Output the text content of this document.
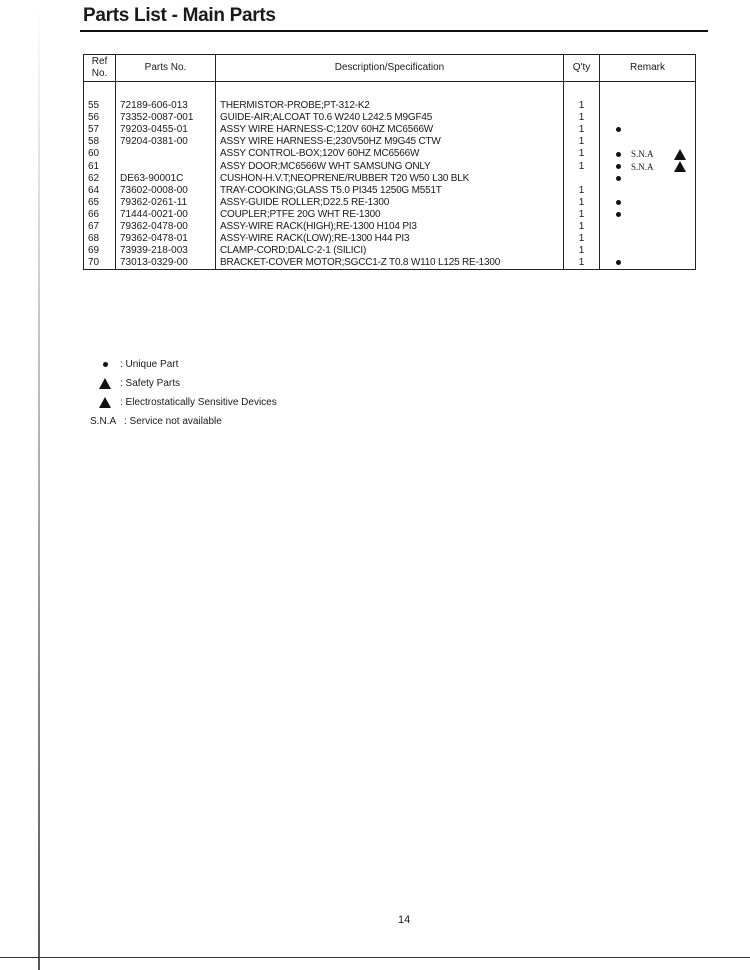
Parts List - Main Parts
Ref No.	Parts No.	Description/Specification	Q'ty	Remark

55	72189-606-013	THERMISTOR-PROBE;PT-312-K2	1	
56	73352-0087-001	GUIDE-AIR;ALCOAT T0.6 W240 L242.5 M9GF45	1	
57	79203-0455-01	ASSY WIRE HARNESS-C;120V 60HZ MC6566W	1	
58	79204-0381-00	ASSY WIRE HARNESS-E;230V50HZ M9G45 CTW	1	
60		ASSY CONTROL-BOX;120V 60HZ MC6566W	1	S.N.A
61		ASSY DOOR;MC6566W WHT SAMSUNG ONLY	1	S.N.A
62	DE63-90001C	CUSHON-H.V.T;NEOPRENE/RUBBER T20 W50 L30 BLK		
64	73602-0008-00	TRAY-COOKING;GLASS T5.0 PI345 1250G M551T	1	
65	79362-0261-11	ASSY-GUIDE ROLLER;D22.5 RE-1300	1	
66	71444-0021-00	COUPLER;PTFE 20G WHT RE-1300	1	
67	79362-0478-00	ASSY-WIRE RACK(HIGH);RE-1300 H104 PI3	1	
68	79362-0478-01	ASSY-WIRE RACK(LOW);RE-1300 H44 PI3	1	
69	73939-218-003	CLAMP-CORD;DALC-2-1 (SILICI)	1	
70	73013-0329-00	BRACKET-COVER MOTOR;SGCC1-Z T0.8 W110 L125 RE-1300	1	
: Unique Part
: Safety Parts
: Electrostatically Sensitive Devices
S.N.A : Service not available
14
